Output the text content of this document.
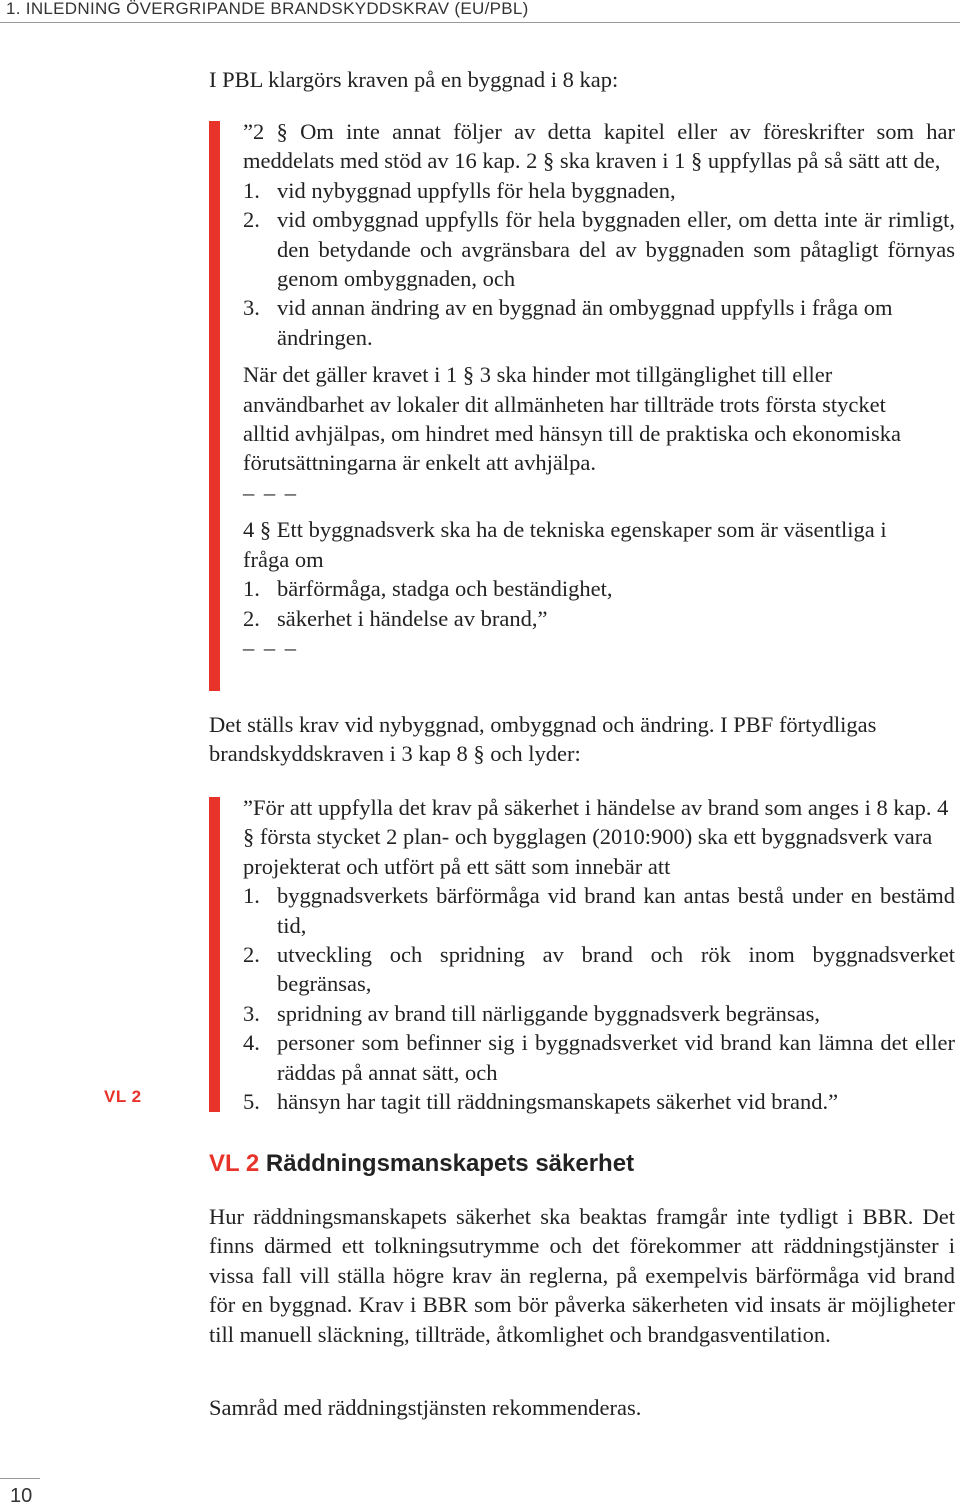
1. INLEDNING ÖVERGRIPANDE BRANDSKYDDSKRAV (EU/PBL)

I PBL klargörs kraven på en byggnad i 8 kap:

”2 § Om inte annat följer av detta kapitel eller av föreskrifter som har meddelats med stöd av 16 kap. 2 § ska kraven i 1 § uppfyllas på så sätt att de,

1. vid nybyggnad uppfylls för hela byggnaden,
2. vid ombyggnad uppfylls för hela byggnaden eller, om detta inte är rimligt, den betydande och avgränsbara del av byggnaden som påtagligt förnyas genom ombyggnaden, och
3. vid annan ändring av en byggnad än ombyggnad uppfylls i fråga om ändringen.

När det gäller kravet i 1 § 3 ska hinder mot tillgänglighet till eller användbarhet av lokaler dit allmänheten har tillträde trots första stycket alltid avhjälpas, om hindret med hänsyn till de praktiska och ekonomiska förutsättningarna är enkelt att avhjälpa.

– – –

4 § Ett byggnadsverk ska ha de tekniska egenskaper som är väsentliga i fråga om

1. bärförmåga, stadga och beständighet,
2. säkerhet i händelse av brand,”

– – –

Det ställs krav vid nybyggnad, ombyggnad och ändring. I PBF förtydligas brandskyddskraven i 3 kap 8 § och lyder:

”För att uppfylla det krav på säkerhet i händelse av brand som anges i 8 kap. 4 § första stycket 2 plan- och bygglagen (2010:900) ska ett byggnadsverk vara projekterat och utfört på ett sätt som innebär att

1. byggnadsverkets bärförmåga vid brand kan antas bestå under en bestämd tid,
2. utveckling och spridning av brand och rök inom byggnadsverket begränsas,
3. spridning av brand till närliggande byggnadsverk begränsas,
4. personer som befinner sig i byggnadsverket vid brand kan lämna det eller räddas på annat sätt, och
5. hänsyn har tagit till räddningsmanskapets säkerhet vid brand.”
VL 2
VL 2 Räddningsmanskapets säkerhet

Hur räddningsmanskapets säkerhet ska beaktas framgår inte tydligt i BBR. Det finns därmed ett tolkningsutrymme och det förekommer att räddningstjänster i vissa fall vill ställa högre krav än reglerna, på exempelvis bärförmåga vid brand för en byggnad. Krav i BBR som bör påverka säkerheten vid insats är möjligheter till manuell släckning, tillträde, åtkomlighet och brandgasventilation.

Samråd med räddningstjänsten rekommenderas.

10
